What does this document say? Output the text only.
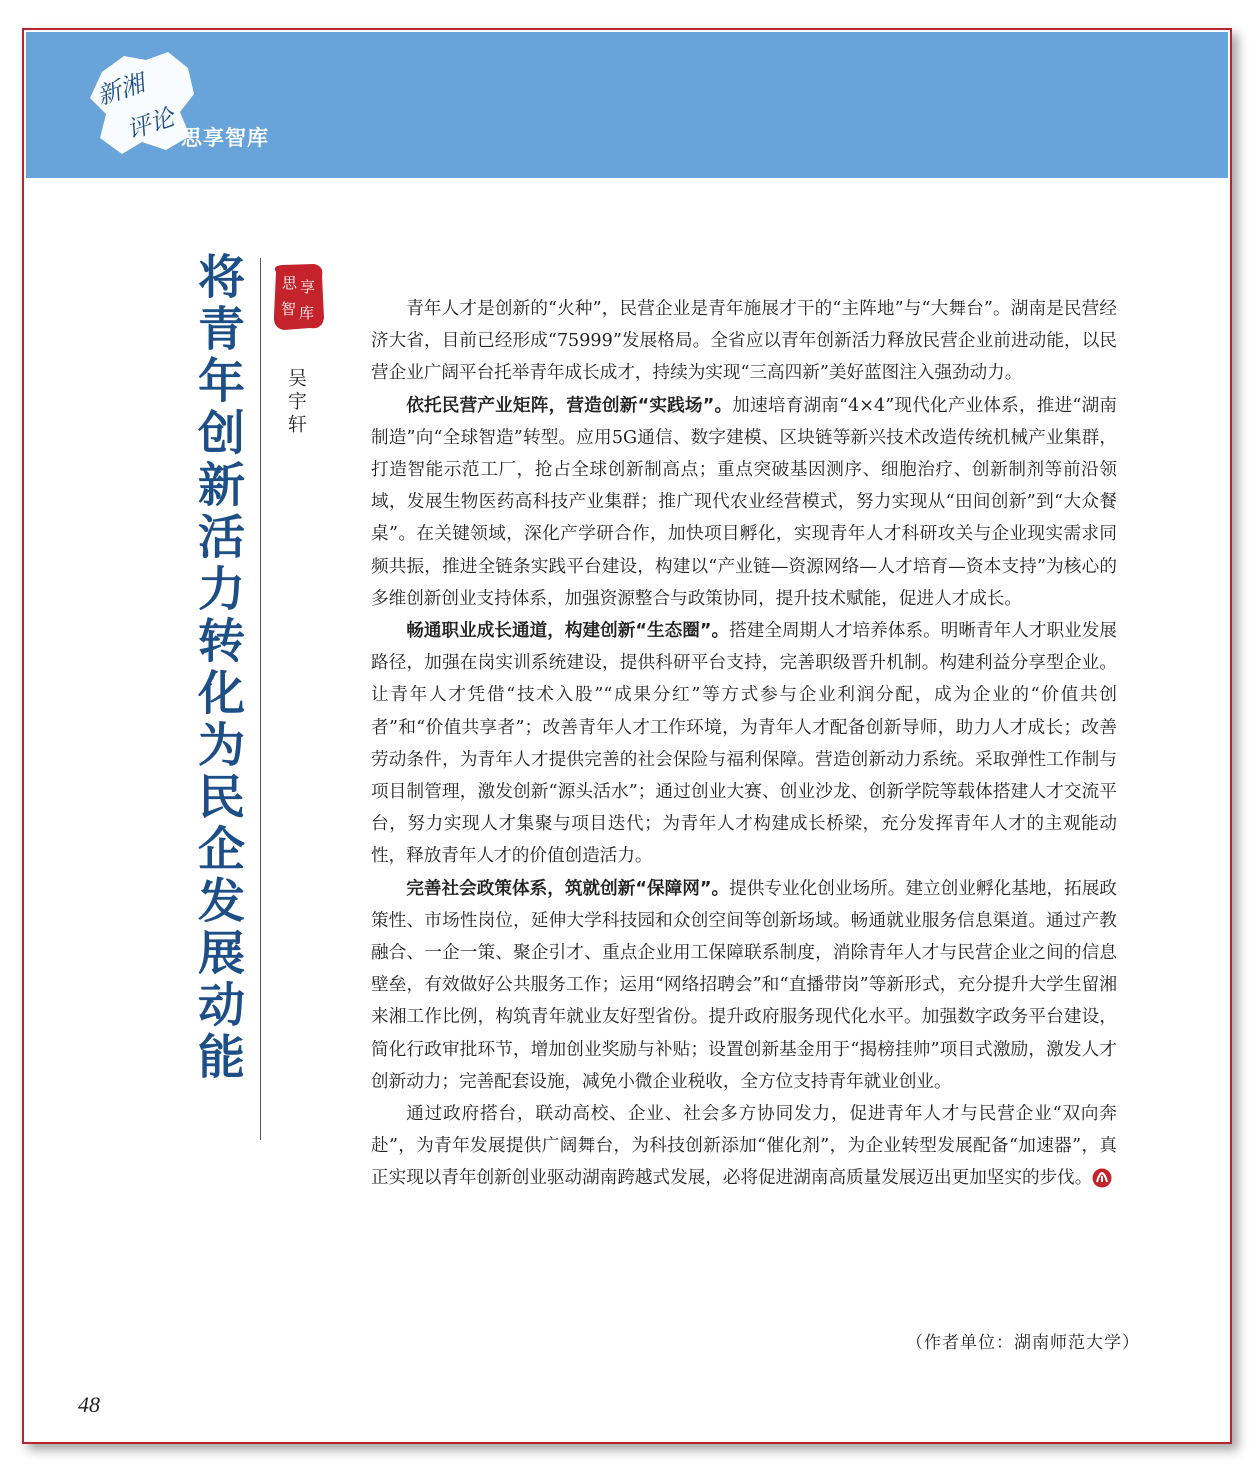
新湘
评论 思享智库
将青年创新活力转化为民企发展动能	思 享
智 库
吴宇轩

青年人才是创新的“火种”，民营企业是青年施展才干的“主阵地”与“大舞台”。湖南是民营经济大省，目前已经形成“75999”发展格局。全省应以青年创新活力释放民营企业前进动能，以民营企业广阔平台托举青年成长成才，持续为实现“三高四新”美好蓝图注入强劲动力。

依托民营产业矩阵，营造创新“实践场”。加速培育湖南“4×4”现代化产业体系，推进“湖南制造”向“全球智造”转型。应用5G通信、数字建模、区块链等新兴技术改造传统机械产业集群，打造智能示范工厂，抢占全球创新制高点；重点突破基因测序、细胞治疗、创新制剂等前沿领域，发展生物医药高科技产业集群；推广现代农业经营模式，努力实现从“田间创新”到“大众餐桌”。在关键领域，深化产学研合作，加快项目孵化，实现青年人才科研攻关与企业现实需求同频共振，推进全链条实践平台建设，构建以“产业链—资源网络—人才培育—资本支持”为核心的多维创新创业支持体系，加强资源整合与政策协同，提升技术赋能，促进人才成长。

畅通职业成长通道，构建创新“生态圈”。搭建全周期人才培养体系。明晰青年人才职业发展路径，加强在岗实训系统建设，提供科研平台支持，完善职级晋升机制。构建利益分享型企业。让青年人才凭借“技术入股”“成果分红”等方式参与企业利润分配，成为企业的“价值共创者”和“价值共享者”；改善青年人才工作环境，为青年人才配备创新导师，助力人才成长；改善劳动条件，为青年人才提供完善的社会保险与福利保障。营造创新动力系统。采取弹性工作制与项目制管理，激发创新“源头活水”；通过创业大赛、创业沙龙、创新学院等载体搭建人才交流平台，努力实现人才集聚与项目迭代；为青年人才构建成长桥梁，充分发挥青年人才的主观能动性，释放青年人才的价值创造活力。

完善社会政策体系，筑就创新“保障网”。提供专业化创业场所。建立创业孵化基地，拓展政策性、市场性岗位，延伸大学科技园和众创空间等创新场域。畅通就业服务信息渠道。通过产教融合、一企一策、聚企引才、重点企业用工保障联系制度，消除青年人才与民营企业之间的信息壁垒，有效做好公共服务工作；运用“网络招聘会”和“直播带岗”等新形式，充分提升大学生留湘来湘工作比例，构筑青年就业友好型省份。提升政府服务现代化水平。加强数字政务平台建设，简化行政审批环节，增加创业奖励与补贴；设置创新基金用于“揭榜挂帅”项目式激励，激发人才创新动力；完善配套设施，减免小微企业税收，全方位支持青年就业创业。

通过政府搭台，联动高校、企业、社会多方协同发力，促进青年人才与民营企业“双向奔赴”，为青年发展提供广阔舞台，为科技创新添加“催化剂”，为企业转型发展配备“加速器”，真正实现以青年创新创业驱动湖南跨越式发展，必将促进湖南高质量发展迈出更加坚实的步伐。

（作者单位：湖南师范大学）
48
